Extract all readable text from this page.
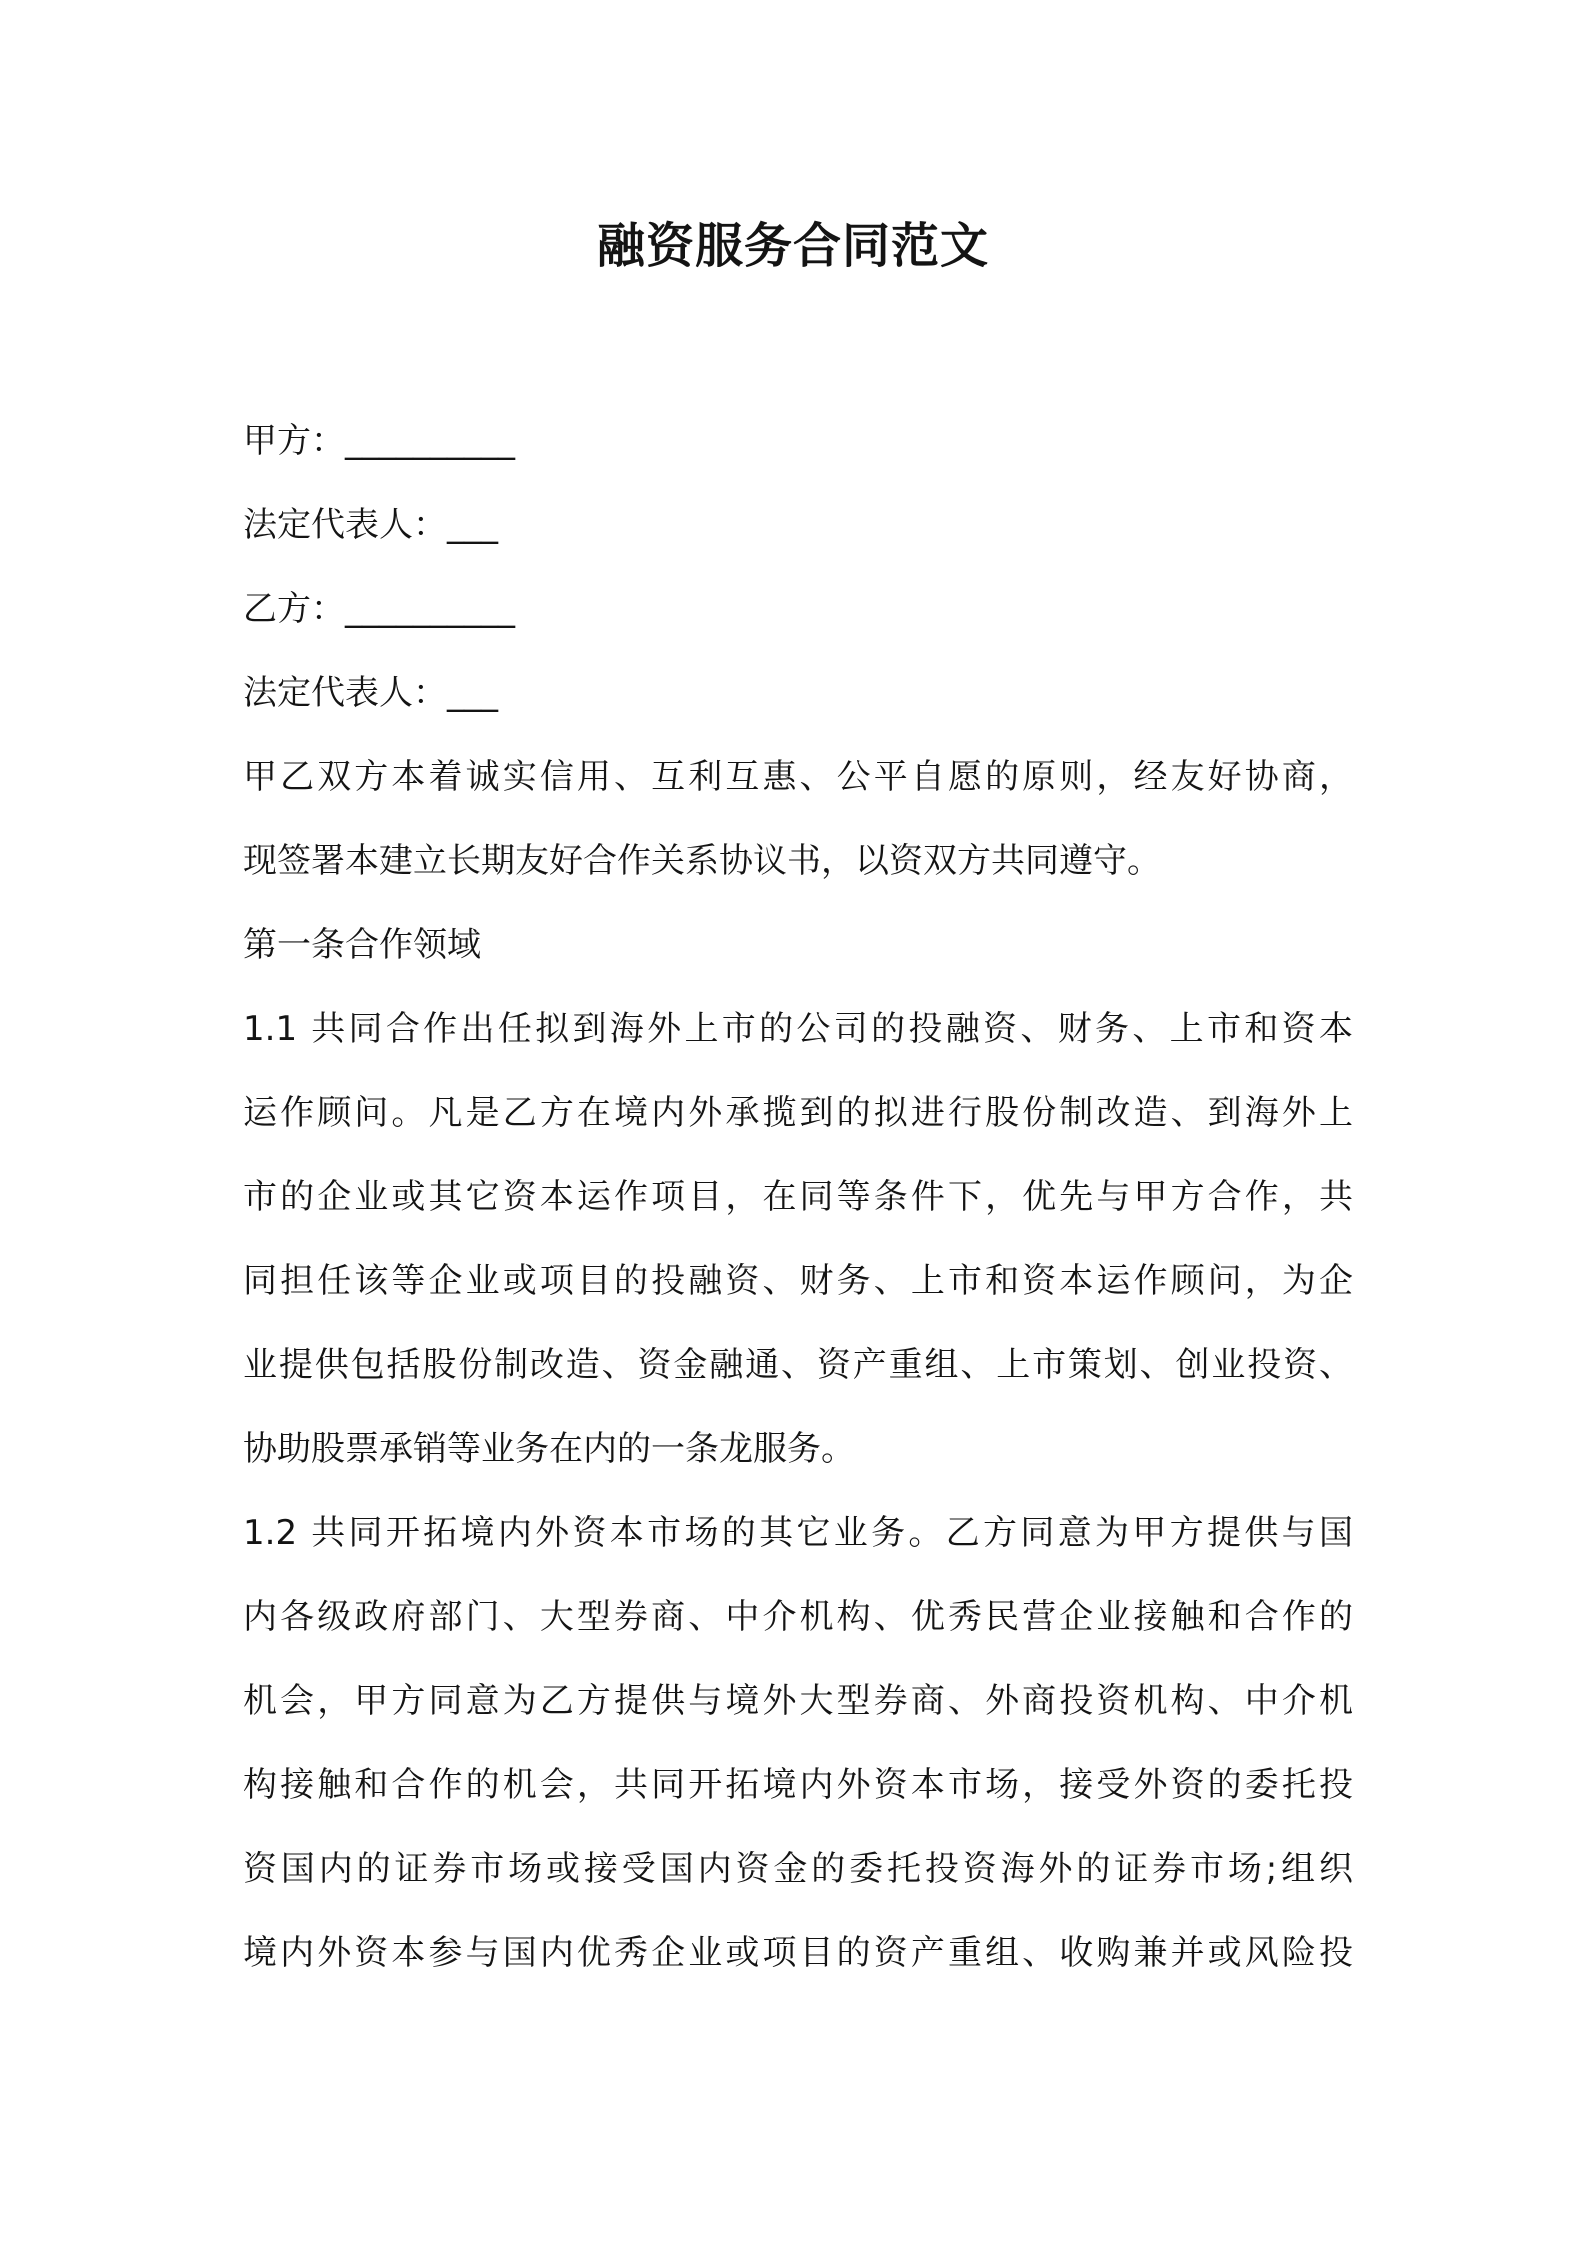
融资服务合同范文
甲方：__________
法定代表人：___
乙方：__________
法定代表人：___
甲乙双方本着诚实信用、互利互惠、公平自愿的原则，经友好协商，
现签署本建立长期友好合作关系协议书，以资双方共同遵守。
第一条合作领域
1.1 共同合作出任拟到海外上市的公司的投融资、财务、上市和资本
运作顾问。凡是乙方在境内外承揽到的拟进行股份制改造、到海外上
市的企业或其它资本运作项目，在同等条件下，优先与甲方合作，共
同担任该等企业或项目的投融资、财务、上市和资本运作顾问，为企
业提供包括股份制改造、资金融通、资产重组、上市策划、创业投资、
协助股票承销等业务在内的一条龙服务。
1.2 共同开拓境内外资本市场的其它业务。乙方同意为甲方提供与国
内各级政府部门、大型券商、中介机构、优秀民营企业接触和合作的
机会，甲方同意为乙方提供与境外大型券商、外商投资机构、中介机
构接触和合作的机会，共同开拓境内外资本市场，接受外资的委托投
资国内的证券市场或接受国内资金的委托投资海外的证券市场;组织
境内外资本参与国内优秀企业或项目的资产重组、收购兼并或风险投
